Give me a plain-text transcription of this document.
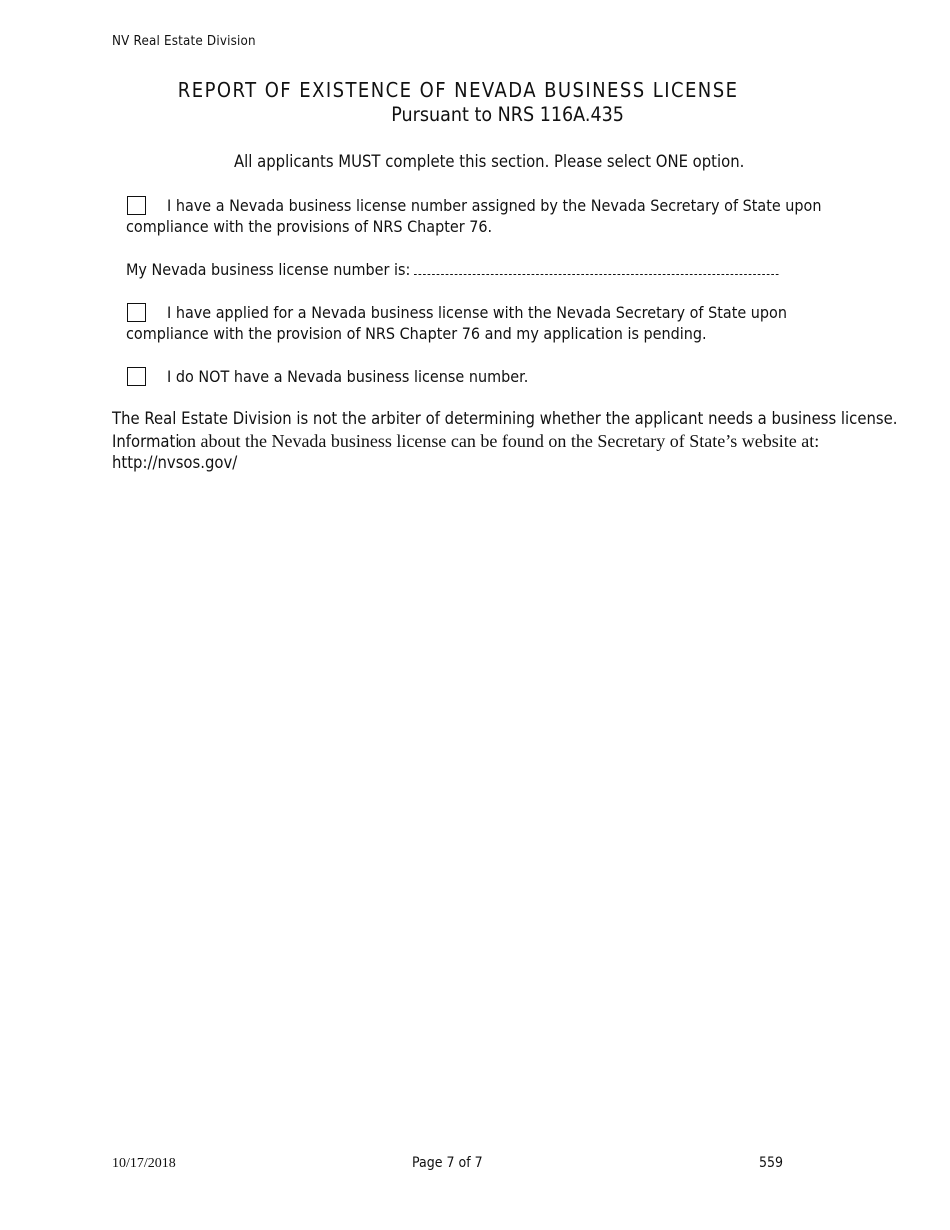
NV Real Estate Division
REPORT OF EXISTENCE OF NEVADA BUSINESS LICENSE
Pursuant to NRS 116A.435
All applicants MUST complete this section. Please select ONE option.
I have a Nevada business license number assigned by the Nevada Secretary of State upon
compliance with the provisions of NRS Chapter 76.
My Nevada business license number is:
I have applied for a Nevada business license with the Nevada Secretary of State upon
compliance with the provision of NRS Chapter 76 and my application is pending.
I do NOT have a Nevada business license number.
The Real Estate Division is not the arbiter of determining whether the applicant needs a business license.
Information about the Nevada business license can be found on the Secretary of State’s website at:
http://nvsos.gov/
10/17/2018	Page 7 of 7	559
